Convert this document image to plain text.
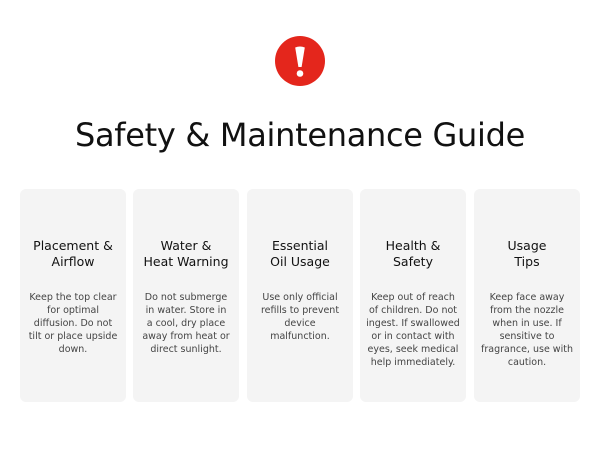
Safety & Maintenance Guide
Placement &
Airflow
Keep the top clear
for optimal
diffusion. Do not
tilt or place upside
down.
Water &
Heat Warning
Do not submerge
in water. Store in
a cool, dry place
away from heat or
direct sunlight.
Essential
Oil Usage
Use only official
refills to prevent
device
malfunction.
Health &
Safety
Keep out of reach
of children. Do not
ingest. If swallowed
or in contact with
eyes, seek medical
help immediately.
Usage
Tips
Keep face away
from the nozzle
when in use. If
sensitive to
fragrance, use with
caution.
